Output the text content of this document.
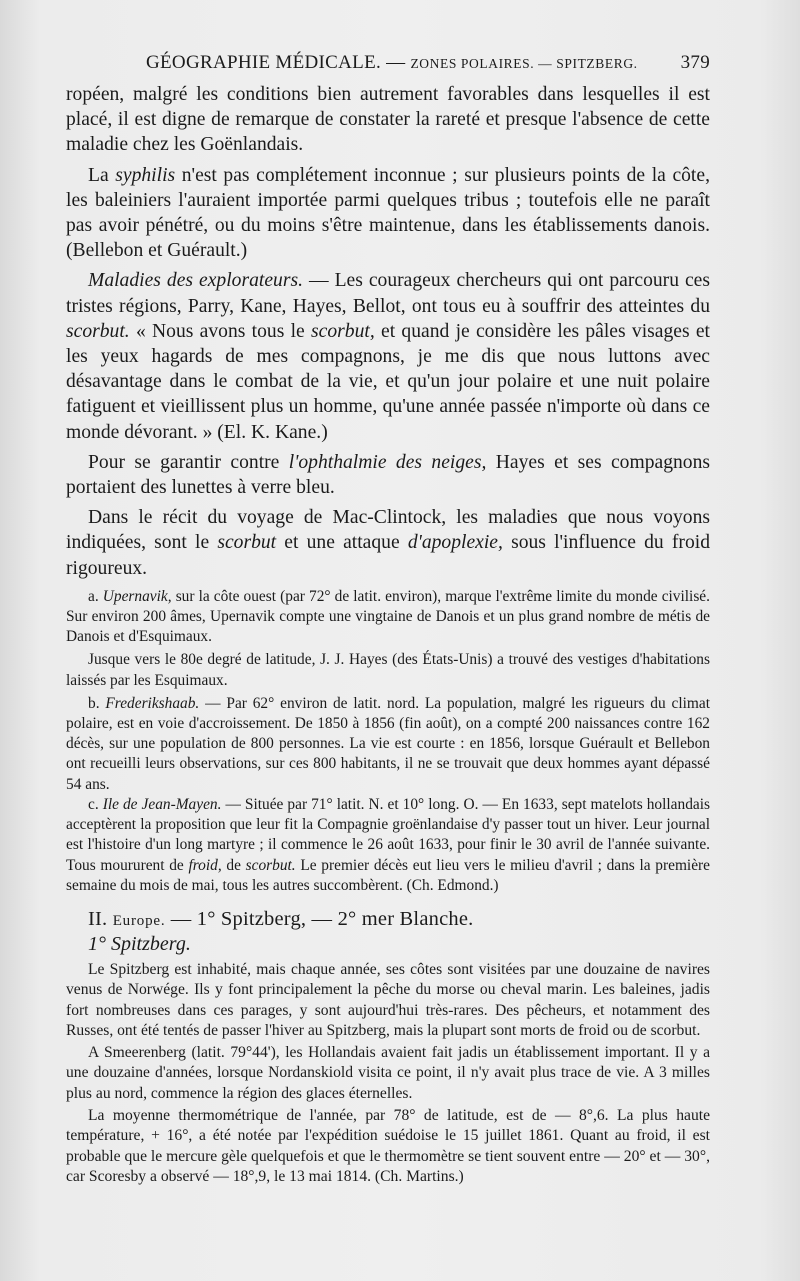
GÉOGRAPHIE MÉDICALE. — ZONES POLAIRES. — SPITZBERG. 379

ropéen, malgré les conditions bien autrement favorables dans lesquelles il est placé, il est digne de remarque de constater la rareté et presque l'absence de cette maladie chez les Goënlandais.

La syphilis n'est pas complétement inconnue ; sur plusieurs points de la côte, les baleiniers l'auraient importée parmi quelques tribus ; toutefois elle ne paraît pas avoir pénétré, ou du moins s'être maintenue, dans les établissements danois. (Bellebon et Guérault.)

Maladies des explorateurs. — Les courageux chercheurs qui ont parcouru ces tristes régions, Parry, Kane, Hayes, Bellot, ont tous eu à souffrir des atteintes du scorbut. « Nous avons tous le scorbut, et quand je considère les pâles visages et les yeux hagards de mes compagnons, je me dis que nous luttons avec désavantage dans le combat de la vie, et qu'un jour polaire et une nuit polaire fatiguent et vieillissent plus un homme, qu'une année passée n'importe où dans ce monde dévorant. » (El. K. Kane.)

Pour se garantir contre l'ophthalmie des neiges, Hayes et ses compagnons portaient des lunettes à verre bleu.

Dans le récit du voyage de Mac-Clintock, les maladies que nous voyons indiquées, sont le scorbut et une attaque d'apoplexie, sous l'influence du froid rigoureux.

a. Upernavik, sur la côte ouest (par 72° de latit. environ), marque l'extrême limite du monde civilisé. Sur environ 200 âmes, Upernavik compte une vingtaine de Danois et un plus grand nombre de métis de Danois et d'Esquimaux.

Jusque vers le 80e degré de latitude, J. J. Hayes (des États-Unis) a trouvé des vestiges d'habitations laissés par les Esquimaux.

b. Frederikshaab. — Par 62° environ de latit. nord. La population, malgré les rigueurs du climat polaire, est en voie d'accroissement. De 1850 à 1856 (fin août), on a compté 200 naissances contre 162 décès, sur une population de 800 personnes. La vie est courte : en 1856, lorsque Guérault et Bellebon ont recueilli leurs observations, sur ces 800 habitants, il ne se trouvait que deux hommes ayant dépassé 54 ans.

c. Ile de Jean-Mayen. — Située par 71° latit. N. et 10° long. O. — En 1633, sept matelots hollandais acceptèrent la proposition que leur fit la Compagnie groënlandaise d'y passer tout un hiver. Leur journal est l'histoire d'un long martyre ; il commence le 26 août 1633, pour finir le 30 avril de l'année suivante. Tous moururent de froid, de scorbut. Le premier décès eut lieu vers le milieu d'avril ; dans la première semaine du mois de mai, tous les autres succombèrent. (Ch. Edmond.)

II. Europe. — 1° Spitzberg, — 2° mer Blanche.
1° Spitzberg.

Le Spitzberg est inhabité, mais chaque année, ses côtes sont visitées par une douzaine de navires venus de Norwége. Ils y font principalement la pêche du morse ou cheval marin. Les baleines, jadis fort nombreuses dans ces parages, y sont aujourd'hui très-rares. Des pêcheurs, et notamment des Russes, ont été tentés de passer l'hiver au Spitzberg, mais la plupart sont morts de froid ou de scorbut.

A Smeerenberg (latit. 79°44'), les Hollandais avaient fait jadis un établissement important. Il y a une douzaine d'années, lorsque Nordanskiold visita ce point, il n'y avait plus trace de vie. A 3 milles plus au nord, commence la région des glaces éternelles.

La moyenne thermométrique de l'année, par 78° de latitude, est de — 8°,6. La plus haute température, + 16°, a été notée par l'expédition suédoise le 15 juillet 1861. Quant au froid, il est probable que le mercure gèle quelquefois et que le thermomètre se tient souvent entre — 20° et — 30°, car Scoresby a observé — 18°,9, le 13 mai 1814. (Ch. Martins.)
